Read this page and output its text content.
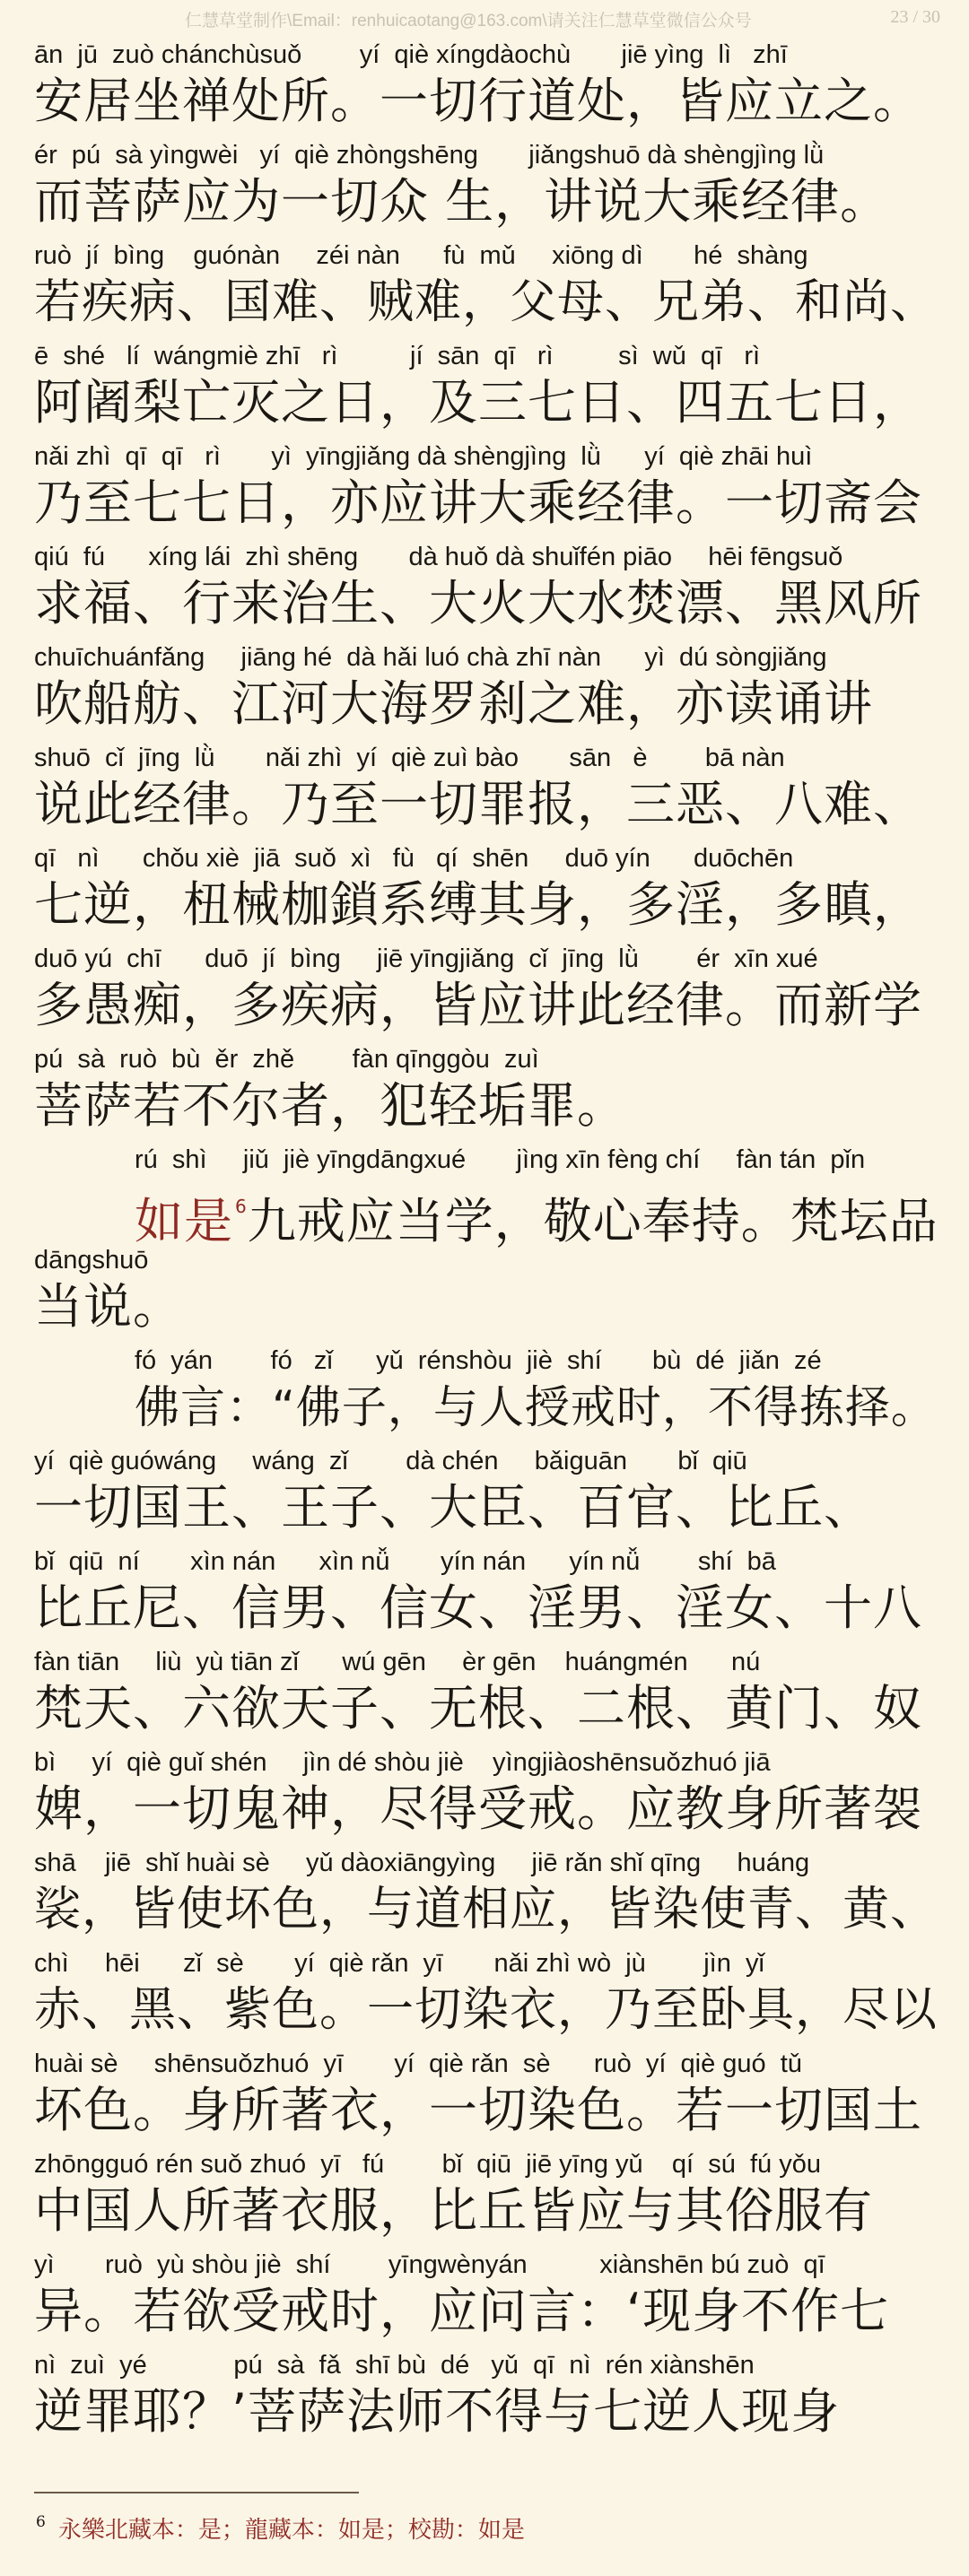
仁慧草堂制作\Email：renhuicaotang@163.com\请关注仁慧草堂微信公众号	23 / 30
ān  jū  zuò chánchùsuǒ        yí  qiè xíngdàochù       jiē yìng  lì   zhī
安居坐禅处所。一切行道处，皆应立之。
ér  pú  sà yìngwèi   yí  qiè zhòngshēng       jiǎngshuō dà shèngjìng lǜ
而菩萨应为一切众 生，讲说大乘经律。
ruò  jí  bìng    guónàn     zéi nàn      fù  mǔ     xiōng dì       hé  shàng
若疾病、国难、贼难，父母、兄弟、和尚、
ē  shé   lí  wángmiè zhī   rì          jí  sān  qī   rì         sì  wǔ  qī   rì
阿阇梨亡灭之日，及三七日、四五七日，
nǎi zhì  qī  qī   rì       yì  yīngjiǎng dà shèngjìng  lǜ      yí  qiè zhāi huì
乃至七七日，亦应讲大乘经律。一切斋会
qiú  fú      xíng lái  zhì shēng       dà huǒ dà shuǐfén piāo     hēi fēngsuǒ
求福、行来治生、大火大水焚漂、黑风所
chuīchuánfǎng     jiāng hé  dà hǎi luó chà zhī nàn      yì  dú sòngjiǎng
吹船舫、江河大海罗刹之难，亦读诵讲
shuō  cǐ  jīng  lǜ       nǎi zhì  yí  qiè zuì bào       sān   è        bā nàn
说此经律。乃至一切罪报，三恶、八难、
qī   nì      chǒu xiè  jiā  suǒ  xì   fù   qí  shēn     duō yín      duōchēn
七逆，杻械枷鎖系缚其身，多淫，多瞋，
duō yú  chī      duō  jí  bìng     jiē yīngjiǎng  cǐ  jīng  lǜ        ér  xīn xué
多愚痴，多疾病，皆应讲此经律。而新学
pú  sà  ruò  bù  ěr  zhě        fàn qīnggòu  zuì
菩萨若不尔者，犯轻垢罪。
rú  shì     jiǔ  jiè yīngdāngxué       jìng xīn fèng chí     fàn tán  pǐn
如是 $^6$九戒应当学，敬心奉持。梵坛品
dāngshuō
当说。
fó  yán        fó   zǐ      yǔ  rénshòu  jiè  shí       bù  dé  jiǎn  zé
佛言：“佛子，与人授戒时，不得拣择。
yí  qiè guówáng     wáng  zǐ        dà chén     bǎiguān       bǐ  qiū
一切国王、王子、大臣、百官、比丘、
bǐ  qiū  ní       xìn nán      xìn nǚ       yín nán      yín nǚ        shí  bā
比丘尼、信男、信女、淫男、淫女、十八
fàn tiān     liù  yù tiān zǐ      wú gēn     èr gēn    huángmén      nú
梵天、六欲天子、无根、二根、黄门、奴
bì     yí  qiè guǐ shén     jìn dé shòu jiè    yìngjiàoshēnsuǒzhuó jiā
婢，一切鬼神，尽得受戒。应教身所著袈
shā    jiē  shǐ huài sè     yǔ dàoxiāngyìng     jiē rǎn shǐ qīng     huáng
裟，皆使坏色，与道相应，皆染使青、黄、
chì     hēi      zǐ  sè       yí  qiè rǎn  yī       nǎi zhì wò  jù        jìn  yǐ
赤、黑、紫色。一切染衣，乃至卧具，尽以
huài sè     shēnsuǒzhuó  yī       yí  qiè rǎn  sè      ruò  yí  qiè guó  tǔ
坏色。身所著衣，一切染色。若一切国土
zhōngguó rén suǒ zhuó  yī   fú        bǐ  qiū  jiē yīng yǔ    qí  sú  fú yǒu
中国人所著衣服，比丘皆应与其俗服有
yì       ruò  yù shòu jiè  shí        yīngwènyán          xiànshēn bú zuò  qī
异。若欲受戒时，应问言：‘现身不作七
nì  zuì  yé            pú  sà  fǎ  shī bù  dé   yǔ  qī  nì  rén xiànshēn
逆罪耶？’菩萨法师不得与七逆人现身
$^6$ 永樂北藏本：是；龍藏本：如是；校勘：如是
